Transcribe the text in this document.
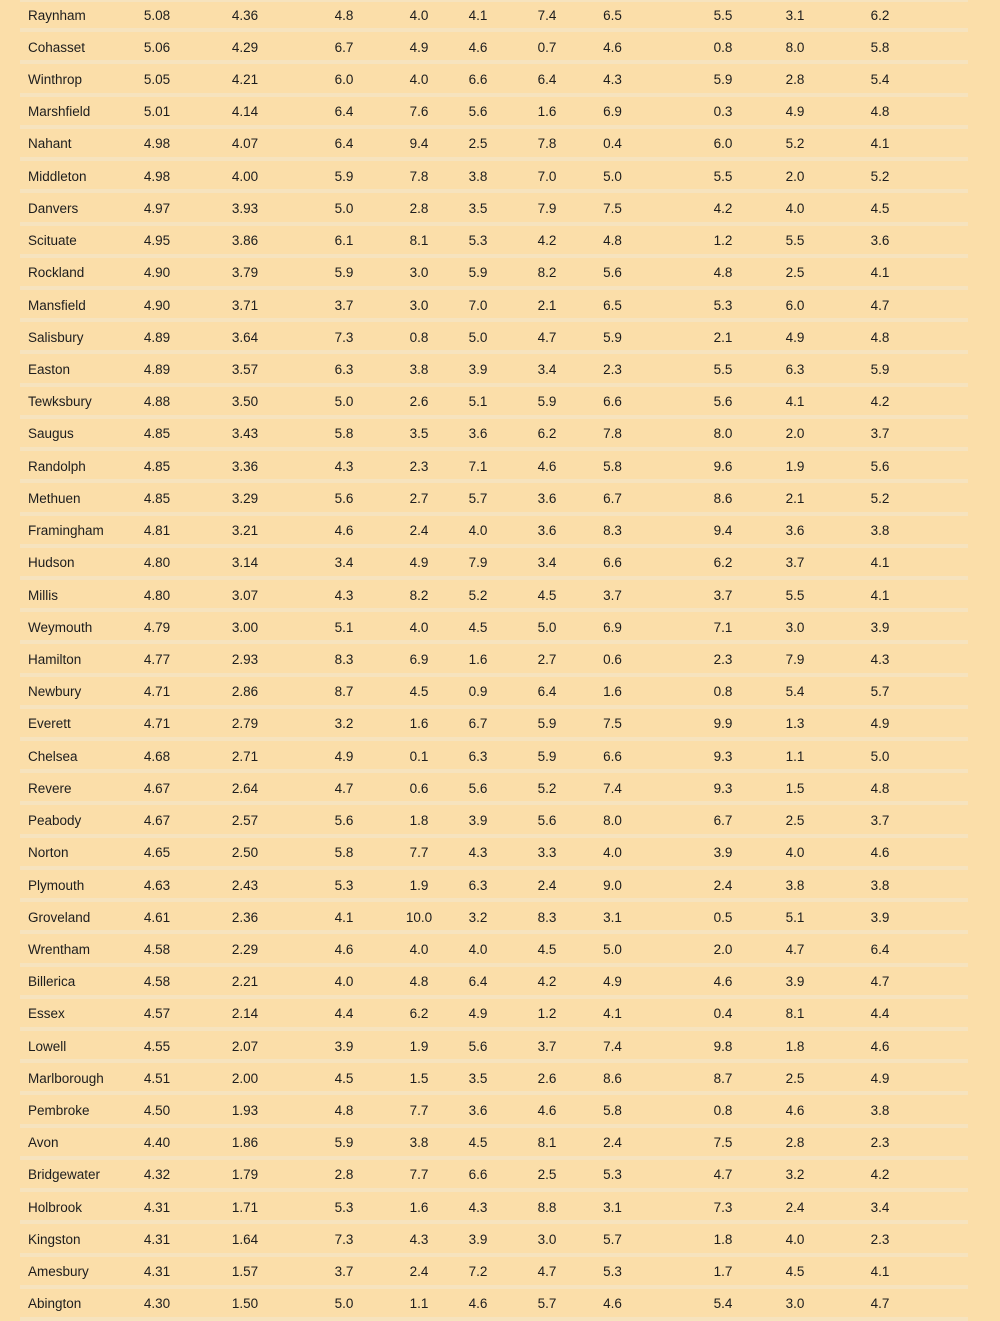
Raynham	5.08	4.36	4.8	4.0	4.1	7.4	6.5	5.5	3.1	6.2
Cohasset	5.06	4.29	6.7	4.9	4.6	0.7	4.6	0.8	8.0	5.8
Winthrop	5.05	4.21	6.0	4.0	6.6	6.4	4.3	5.9	2.8	5.4
Marshfield	5.01	4.14	6.4	7.6	5.6	1.6	6.9	0.3	4.9	4.8
Nahant	4.98	4.07	6.4	9.4	2.5	7.8	0.4	6.0	5.2	4.1
Middleton	4.98	4.00	5.9	7.8	3.8	7.0	5.0	5.5	2.0	5.2
Danvers	4.97	3.93	5.0	2.8	3.5	7.9	7.5	4.2	4.0	4.5
Scituate	4.95	3.86	6.1	8.1	5.3	4.2	4.8	1.2	5.5	3.6
Rockland	4.90	3.79	5.9	3.0	5.9	8.2	5.6	4.8	2.5	4.1
Mansfield	4.90	3.71	3.7	3.0	7.0	2.1	6.5	5.3	6.0	4.7
Salisbury	4.89	3.64	7.3	0.8	5.0	4.7	5.9	2.1	4.9	4.8
Easton	4.89	3.57	6.3	3.8	3.9	3.4	2.3	5.5	6.3	5.9
Tewksbury	4.88	3.50	5.0	2.6	5.1	5.9	6.6	5.6	4.1	4.2
Saugus	4.85	3.43	5.8	3.5	3.6	6.2	7.8	8.0	2.0	3.7
Randolph	4.85	3.36	4.3	2.3	7.1	4.6	5.8	9.6	1.9	5.6
Methuen	4.85	3.29	5.6	2.7	5.7	3.6	6.7	8.6	2.1	5.2
Framingham	4.81	3.21	4.6	2.4	4.0	3.6	8.3	9.4	3.6	3.8
Hudson	4.80	3.14	3.4	4.9	7.9	3.4	6.6	6.2	3.7	4.1
Millis	4.80	3.07	4.3	8.2	5.2	4.5	3.7	3.7	5.5	4.1
Weymouth	4.79	3.00	5.1	4.0	4.5	5.0	6.9	7.1	3.0	3.9
Hamilton	4.77	2.93	8.3	6.9	1.6	2.7	0.6	2.3	7.9	4.3
Newbury	4.71	2.86	8.7	4.5	0.9	6.4	1.6	0.8	5.4	5.7
Everett	4.71	2.79	3.2	1.6	6.7	5.9	7.5	9.9	1.3	4.9
Chelsea	4.68	2.71	4.9	0.1	6.3	5.9	6.6	9.3	1.1	5.0
Revere	4.67	2.64	4.7	0.6	5.6	5.2	7.4	9.3	1.5	4.8
Peabody	4.67	2.57	5.6	1.8	3.9	5.6	8.0	6.7	2.5	3.7
Norton	4.65	2.50	5.8	7.7	4.3	3.3	4.0	3.9	4.0	4.6
Plymouth	4.63	2.43	5.3	1.9	6.3	2.4	9.0	2.4	3.8	3.8
Groveland	4.61	2.36	4.1	10.0	3.2	8.3	3.1	0.5	5.1	3.9
Wrentham	4.58	2.29	4.6	4.0	4.0	4.5	5.0	2.0	4.7	6.4
Billerica	4.58	2.21	4.0	4.8	6.4	4.2	4.9	4.6	3.9	4.7
Essex	4.57	2.14	4.4	6.2	4.9	1.2	4.1	0.4	8.1	4.4
Lowell	4.55	2.07	3.9	1.9	5.6	3.7	7.4	9.8	1.8	4.6
Marlborough	4.51	2.00	4.5	1.5	3.5	2.6	8.6	8.7	2.5	4.9
Pembroke	4.50	1.93	4.8	7.7	3.6	4.6	5.8	0.8	4.6	3.8
Avon	4.40	1.86	5.9	3.8	4.5	8.1	2.4	7.5	2.8	2.3
Bridgewater	4.32	1.79	2.8	7.7	6.6	2.5	5.3	4.7	3.2	4.2
Holbrook	4.31	1.71	5.3	1.6	4.3	8.8	3.1	7.3	2.4	3.4
Kingston	4.31	1.64	7.3	4.3	3.9	3.0	5.7	1.8	4.0	2.3
Amesbury	4.31	1.57	3.7	2.4	7.2	4.7	5.3	1.7	4.5	4.1
Abington	4.30	1.50	5.0	1.1	4.6	5.7	4.6	5.4	3.0	4.7
